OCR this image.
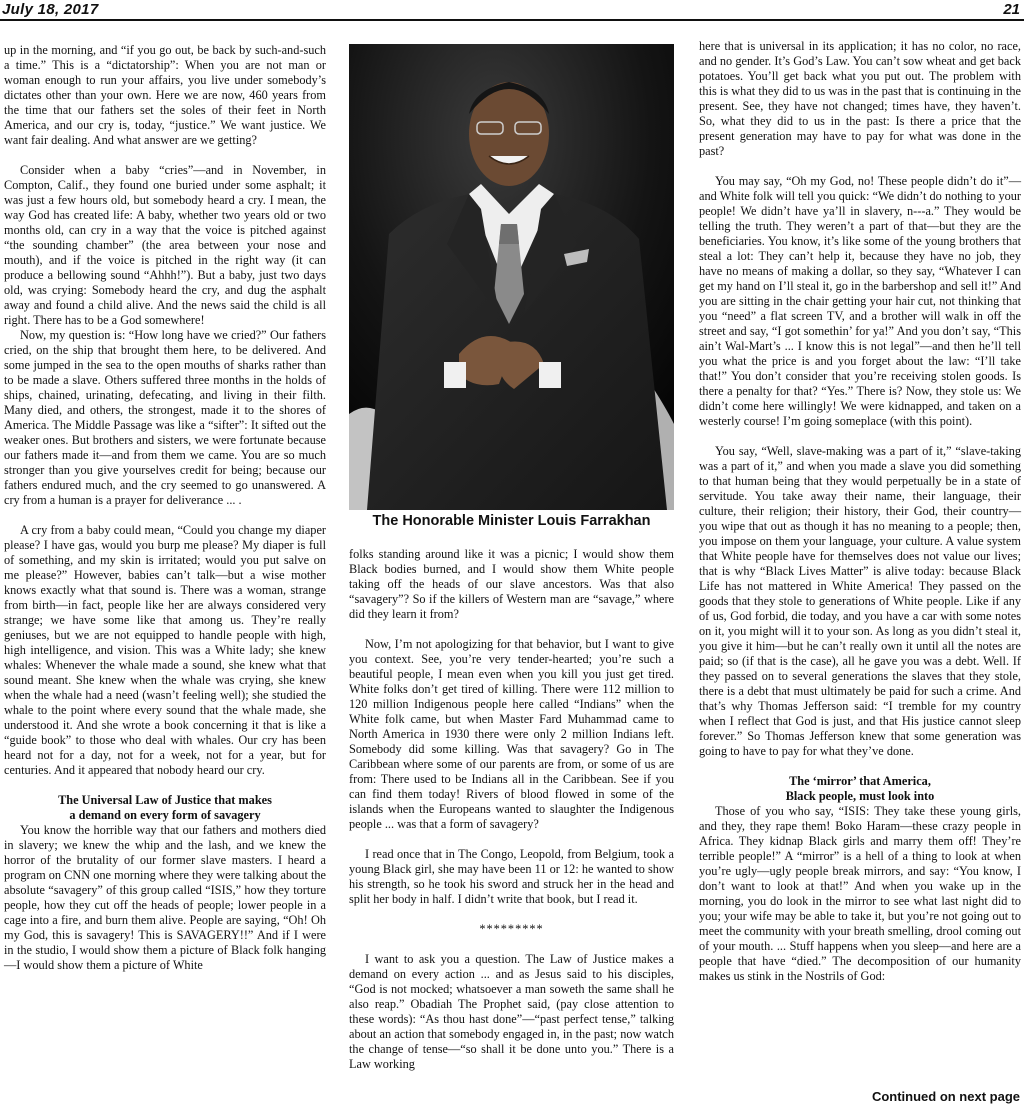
July 18, 2017	21

up in the morning, and “if you go out, be back by such-and-such a time.” This is a “dictatorship”: When you are not man or woman enough to run your affairs, you live under somebody’s dictates other than your own. Here we are now, 460 years from the time that our fathers set the soles of their feet in North America, and our cry is, today, “justice.” We want justice. We want fair dealing. And what answer are we getting?

Consider when a baby “cries”—and in November, in Compton, Calif., they found one buried under some asphalt; it was just a few hours old, but somebody heard a cry. I mean, the way God has created life: A baby, whether two years old or two months old, can cry in a way that the voice is pitched against “the sounding chamber” (the area between your nose and mouth), and if the voice is pitched in the right way (it can produce a bellowing sound “Ahhh!”). But a baby, just two days old, was crying: Somebody heard the cry, and dug the asphalt away and found a child alive. And the news said the child is all right. There has to be a God somewhere!

Now, my question is: “How long have we cried?” Our fathers cried, on the ship that brought them here, to be delivered. And some jumped in the sea to the open mouths of sharks rather than to be made a slave. Others suffered three months in the holds of ships, chained, urinating, defecating, and living in their filth. Many died, and others, the strongest, made it to the shores of America. The Middle Passage was like a “sifter”: It sifted out the weaker ones. But brothers and sisters, we were fortunate because our fathers made it—and from them we came. You are so much stronger than you give yourselves credit for being; because our fathers endured much, and the cry seemed to go unanswered. A cry from a human is a prayer for deliverance ... .

A cry from a baby could mean, “Could you change my diaper please? I have gas, would you burp me please? My diaper is full of something, and my skin is irritated; would you put salve on me please?” However, babies can’t talk—but a wise mother knows exactly what that sound is. There was a woman, strange from birth—in fact, people like her are always considered very strange; we have some like that among us. They’re really geniuses, but we are not equipped to handle people with high, high intelligence, and vision. This was a White lady; she knew whales: Whenever the whale made a sound, she knew what that sound meant. She knew when the whale was crying, she knew when the whale had a need (wasn’t feeling well); she studied the whale to the point where every sound that the whale made, she understood it. And she wrote a book concerning it that is like a “guide book” to those who deal with whales. Our cry has been heard not for a day, not for a week, not for a year, but for centuries. And it appeared that nobody heard our cry.

The Universal Law of Justice that makes
a demand on every form of savagery

You know the horrible way that our fathers and mothers died in slavery; we knew the whip and the lash, and we knew the horror of the brutality of our former slave masters. I heard a program on CNN one morning where they were talking about the absolute “savagery” of this group called “ISIS,” how they torture people, how they cut off the heads of people; lower people in a cage into a fire, and burn them alive. People are saying, “Oh! Oh my God, this is savagery! This is SAVAGERY!!” And if I were in the studio, I would show them a picture of Black folk hanging—I would show them a picture of White

The Honorable Minister Louis Farrakhan

folks standing around like it was a picnic; I would show them Black bodies burned, and I would show them White people taking off the heads of our slave ancestors. Was that also “savagery”? So if the killers of Western man are “savage,” where did they learn it from?

Now, I’m not apologizing for that behavior, but I want to give you context. See, you’re very tender-hearted; you’re such a beautiful people, I mean even when you kill you just get tired. White folks don’t get tired of killing. There were 112 million to 120 million Indigenous people here called “Indians” when the White folk came, but when Master Fard Muhammad came to North America in 1930 there were only 2 million Indians left. Somebody did some killing. Was that savagery? Go in The Caribbean where some of our parents are from, or some of us are from: There used to be Indians all in the Caribbean. See if you can find them today! Rivers of blood flowed in some of the islands when the Europeans wanted to slaughter the Indigenous people ... was that a form of savagery?

I read once that in The Congo, Leopold, from Belgium, took a young Black girl, she may have been 11 or 12: he wanted to show his strength, so he took his sword and struck her in the head and split her body in half. I didn’t write that book, but I read it.

*********

I want to ask you a question. The Law of Justice makes a demand on every action ... and as Jesus said to his disciples, “God is not mocked; whatsoever a man soweth the same shall he also reap.” Obadiah The Prophet said, (pay close attention to these words): “As thou hast done”—“past perfect tense,” talking about an action that somebody engaged in, in the past; now watch the change of tense—“so shall it be done unto you.” There is a Law working

here that is universal in its application; it has no color, no race, and no gender. It’s God’s Law. You can’t sow wheat and get back potatoes. You’ll get back what you put out. The problem with this is what they did to us was in the past that is continuing in the present. See, they have not changed; times have, they haven’t. So, what they did to us in the past: Is there a price that the present generation may have to pay for what was done in the past?

You may say, “Oh my God, no! These people didn’t do it”—and White folk will tell you quick: “We didn’t do nothing to your people! We didn’t have ya’ll in slavery, n---a.” They would be telling the truth. They weren’t a part of that—but they are the beneficiaries. You know, it’s like some of the young brothers that steal a lot: They can’t help it, because they have no job, they have no means of making a dollar, so they say, “Whatever I can get my hand on I’ll steal it, go in the barbershop and sell it!” And you are sitting in the chair getting your hair cut, not thinking that you “need” a flat screen TV, and a brother will walk in off the street and say, “I got somethin’ for ya!” And you don’t say, “This ain’t Wal-Mart’s ... I know this is not legal”—and then he’ll tell you what the price is and you forget about the law: “I’ll take that!” You don’t consider that you’re receiving stolen goods. Is there a penalty for that? “Yes.” There is? Now, they stole us: We didn’t come here willingly! We were kidnapped, and taken on a westerly course! I’m going someplace (with this point).

You say, “Well, slave-making was a part of it,” “slave-taking was a part of it,” and when you made a slave you did something to that human being that they would perpetually be in a state of servitude. You take away their name, their language, their culture, their religion; their history, their God, their country—you wipe that out as though it has no meaning to a people; then, you impose on them your language, your culture. A value system that White people have for themselves does not value our lives; that is why “Black Lives Matter” is alive today: because Black Life has not mattered in White America! They passed on the goods that they stole to generations of White people. Like if any of us, God forbid, die today, and you have a car with some notes on it, you might will it to your son. As long as you didn’t steal it, you give it him—but he can’t really own it until all the notes are paid; so (if that is the case), all he gave you was a debt. Well. If they passed on to several generations the slaves that they stole, there is a debt that must ultimately be paid for such a crime. And that’s why Thomas Jefferson said: “I tremble for my country when I reflect that God is just, and that His justice cannot sleep forever.” So Thomas Jefferson knew that some generation was going to have to pay for what they’ve done.

The ‘mirror’ that America,
Black people, must look into

Those of you who say, “ISIS: They take these young girls, and they, they rape them! Boko Haram—these crazy people in Africa. They kidnap Black girls and marry them off! They’re terrible people!” A “mirror” is a hell of a thing to look at when you’re ugly—ugly people break mirrors, and say: “You know, I don’t want to look at that!” And when you wake up in the morning, you do look in the mirror to see what last night did to you; your wife may be able to take it, but you’re not going out to meet the community with your breath smelling, drool coming out of your mouth. ... Stuff happens when you sleep—and here are a people that have “died.” The decomposition of our humanity makes us stink in the Nostrils of God:

Continued on next page
